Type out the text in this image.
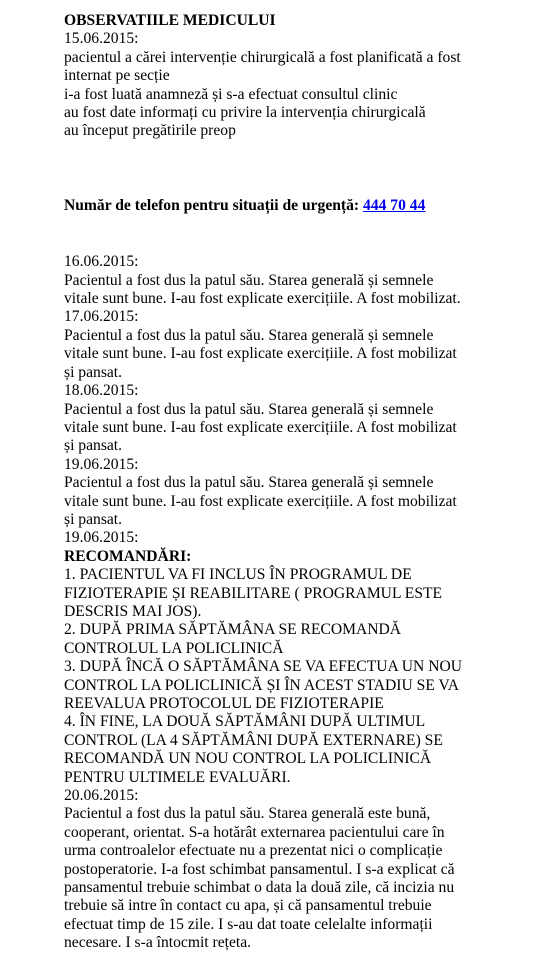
OBSERVATIILE MEDICULUI
15.06.2015:
pacientul a cărei intervenție chirurgicală a fost planificată a fost
internat pe secție
i-a fost luată anamneză și s-a efectuat consultul clinic
au fost date informați cu privire la intervenția chirurgicală
au început pregătirile preop
Număr de telefon pentru situații de urgență: 444 70 44
16.06.2015:
Pacientul a fost dus la patul său. Starea generală și semnele
vitale sunt bune. I-au fost explicate exercițiile. A fost mobilizat.
17.06.2015:
Pacientul a fost dus la patul său. Starea generală și semnele
vitale sunt bune. I-au fost explicate exercițiile. A fost mobilizat
și pansat.
18.06.2015:
Pacientul a fost dus la patul său. Starea generală și semnele
vitale sunt bune. I-au fost explicate exercițiile. A fost mobilizat
și pansat.
19.06.2015:
Pacientul a fost dus la patul său. Starea generală și semnele
vitale sunt bune. I-au fost explicate exercițiile. A fost mobilizat
și pansat.
19.06.2015:
RECOMANDĂRI:
1. PACIENTUL VA FI INCLUS ÎN PROGRAMUL DE
FIZIOTERAPIE ȘI REABILITARE ( PROGRAMUL ESTE
DESCRIS MAI JOS).
2. DUPĂ PRIMA SĂPTĂMÂNA SE RECOMANDĂ
CONTROLUL LA POLICLINICĂ
3. DUPĂ ÎNCĂ O SĂPTĂMÂNA SE VA EFECTUA UN NOU
CONTROL LA POLICLINICĂ ȘI ÎN ACEST STADIU SE VA
REEVALUA PROTOCOLUL DE FIZIOTERAPIE
4. ÎN FINE, LA DOUĂ SĂPTĂMÂNI DUPĂ ULTIMUL
CONTROL (LA 4 SĂPTĂMÂNI DUPĂ EXTERNARE) SE
RECOMANDĂ UN NOU CONTROL LA POLICLINICĂ
PENTRU ULTIMELE EVALUĂRI.
20.06.2015:
Pacientul a fost dus la patul său. Starea generală este bună,
cooperant, orientat. S-a hotărât externarea pacientului care în
urma controalelor efectuate nu a prezentat nici o complicație
postoperatorie. I-a fost schimbat pansamentul. I s-a explicat că
pansamentul trebuie schimbat o data la două zile, că incizia nu
trebuie să intre în contact cu apa, și că pansamentul trebuie
efectuat timp de 15 zile. I s-au dat toate celelalte informații
necesare. I s-a întocmit rețeta.
